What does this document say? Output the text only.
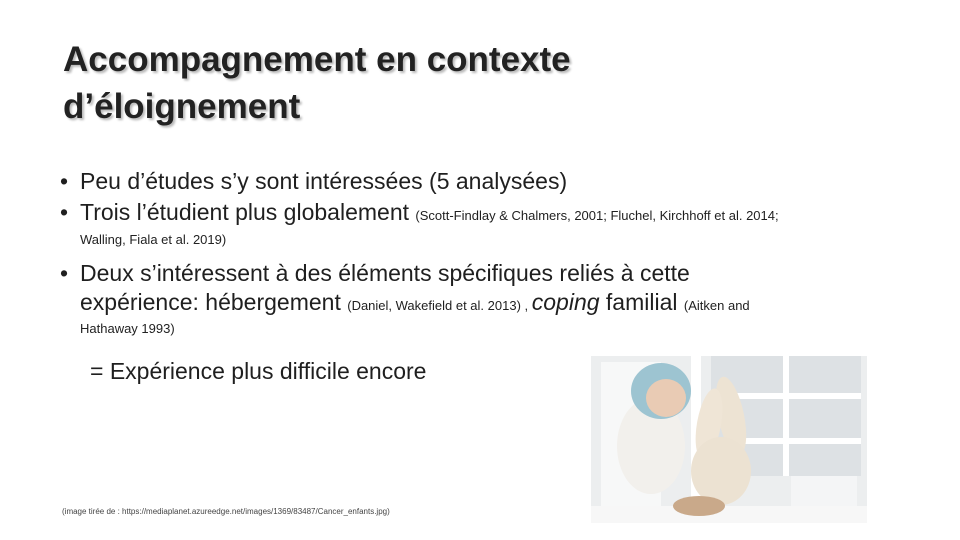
Accompagnement en contexte
d’éloignement
• Peu d’études s’y sont intéressées (5 analysées)
• Trois l’étudient plus globalement (Scott-Findlay & Chalmers, 2001; Fluchel, Kirchhoff et al. 2014;
Walling, Fiala et al. 2019)
• Deux s’intéressent à des éléments spécifiques reliés à cette
expérience: hébergement (Daniel, Wakefield et al. 2013) , coping familial (Aitken and
Hathaway 1993)
= Expérience plus difficile encore
(image tirée de : https://mediaplanet.azureedge.net/images/1369/83487/Cancer_enfants.jpg)
